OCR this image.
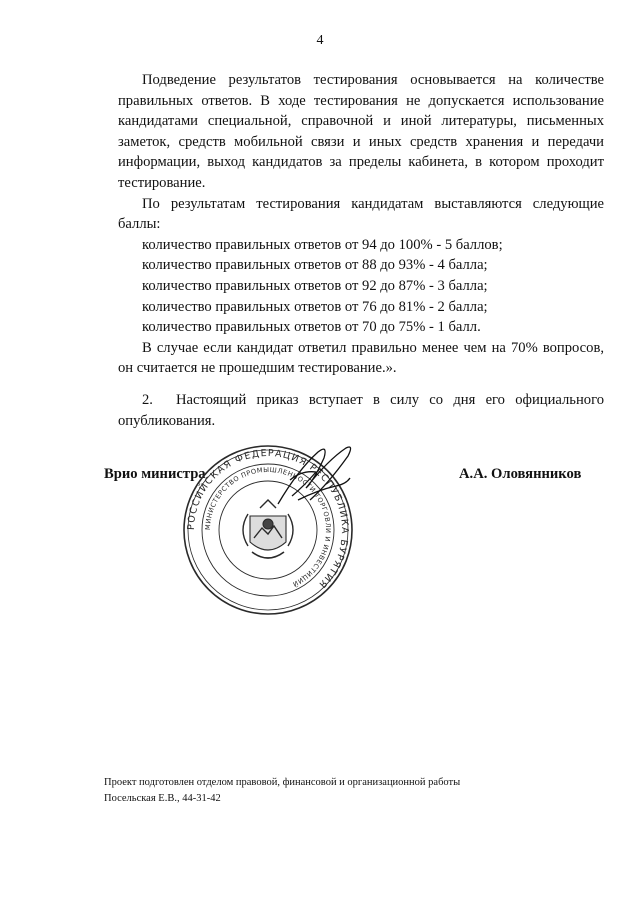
4

Подведение результатов тестирования основывается на количестве правильных ответов. В ходе тестирования не допускается использование кандидатами специальной, справочной и иной литературы, письменных заметок, средств мобильной связи и иных средств хранения и передачи информации, выход кандидатов за пределы кабинета, в котором проходит тестирование.

По результатам тестирования кандидатам выставляются следующие баллы:

количество правильных ответов от 94 до 100% - 5 баллов;

количество правильных ответов от 88 до 93% - 4 балла;

количество правильных ответов от 92 до 87% - 3 балла;

количество правильных ответов от 76 до 81% - 2 балла;

количество правильных ответов от 70 до 75% - 1 балл.

В случае если кандидат ответил правильно менее чем на 70% вопросов, он считается не прошедшим тестирование.».

2. Настоящий приказ вступает в силу со дня его официального опубликования.
Врио министра	А.А. Оловянников
РОССИЙСКАЯ ФЕДЕРАЦИЯ РЕСПУБЛИКА БУРЯТИЯ
МИНИСТЕРСТВО ПРОМЫШЛЕННОСТИ ТОРГОВЛИ И ИНВЕСТИЦИЙ
Проект подготовлен отделом правовой, финансовой и организационной работы
Посельская Е.В., 44-31-42
